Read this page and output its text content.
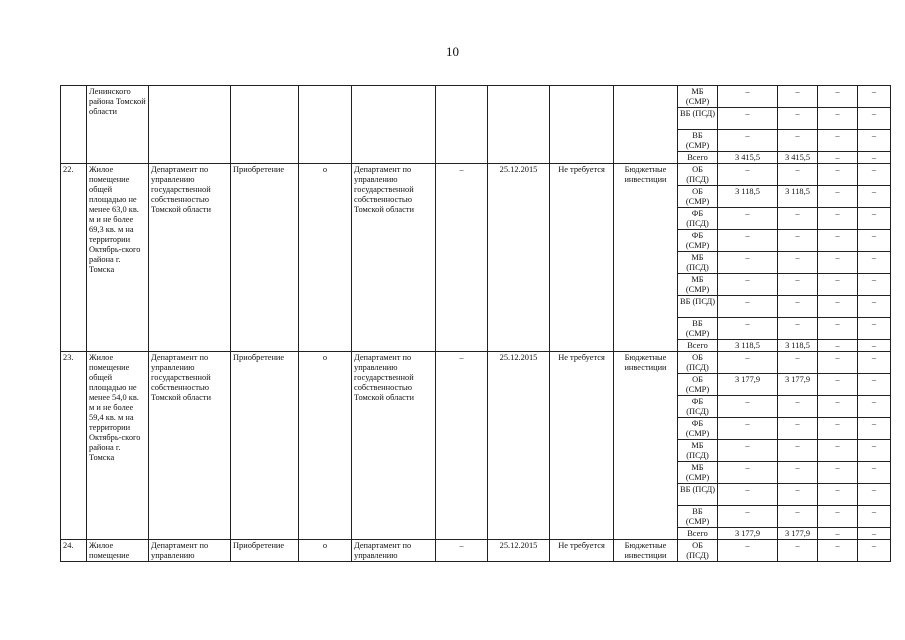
10
	Ленинского района Томской области									МБ (СМР)	–	–	–	–
										ВБ (ПСД)	–	–	–	–
										ВБ (СМР)	–	–	–	–
										Всего	3 415,5	3 415,5	–	–
22.	Жилое помещение общей площадью не менее 63,0 кв. м и не более 69,3 кв. м на территории Октябрь-ского района г. Томска	Департамент по управлению государственной собственностью Томской области	Приобретение	о	Департамент по управлению государственной собственностью Томской области	–	25.12.2015	Не требуется	Бюджетные инвестиции	ОБ (ПСД)	–	–	–	–
										ОБ (СМР)	3 118,5	3 118,5	–	–
										ФБ (ПСД)	–	–	–	–
										ФБ (СМР)	–	–	–	–
										МБ (ПСД)	–	–	–	–
										МБ (СМР)	–	–	–	–
										ВБ (ПСД)	–	–	–	–
										ВБ (СМР)	–	–	–	–
										Всего	3 118,5	3 118,5	–	–
23.	Жилое помещение общей площадью не менее 54,0 кв. м и не более 59,4 кв. м на территории Октябрь-ского района г. Томска	Департамент по управлению государственной собственностью Томской области	Приобретение	о	Департамент по управлению государственной собственностью Томской области	–	25.12.2015	Не требуется	Бюджетные инвестиции	ОБ (ПСД)	–	–	–	–
										ОБ (СМР)	3 177,9	3 177,9	–	–
										ФБ (ПСД)	–	–	–	–
										ФБ (СМР)	–	–	–	–
										МБ (ПСД)	–	–	–	–
										МБ (СМР)	–	–	–	–
										ВБ (ПСД)	–	–	–	–
										ВБ (СМР)	–	–	–	–
										Всего	3 177,9	3 177,9	–	–
24.	Жилое помещение	Департамент по управлению	Приобретение	о	Департамент по управлению	–	25.12.2015	Не требуется	Бюджетные инвестиции	ОБ (ПСД)	–	–	–	–
